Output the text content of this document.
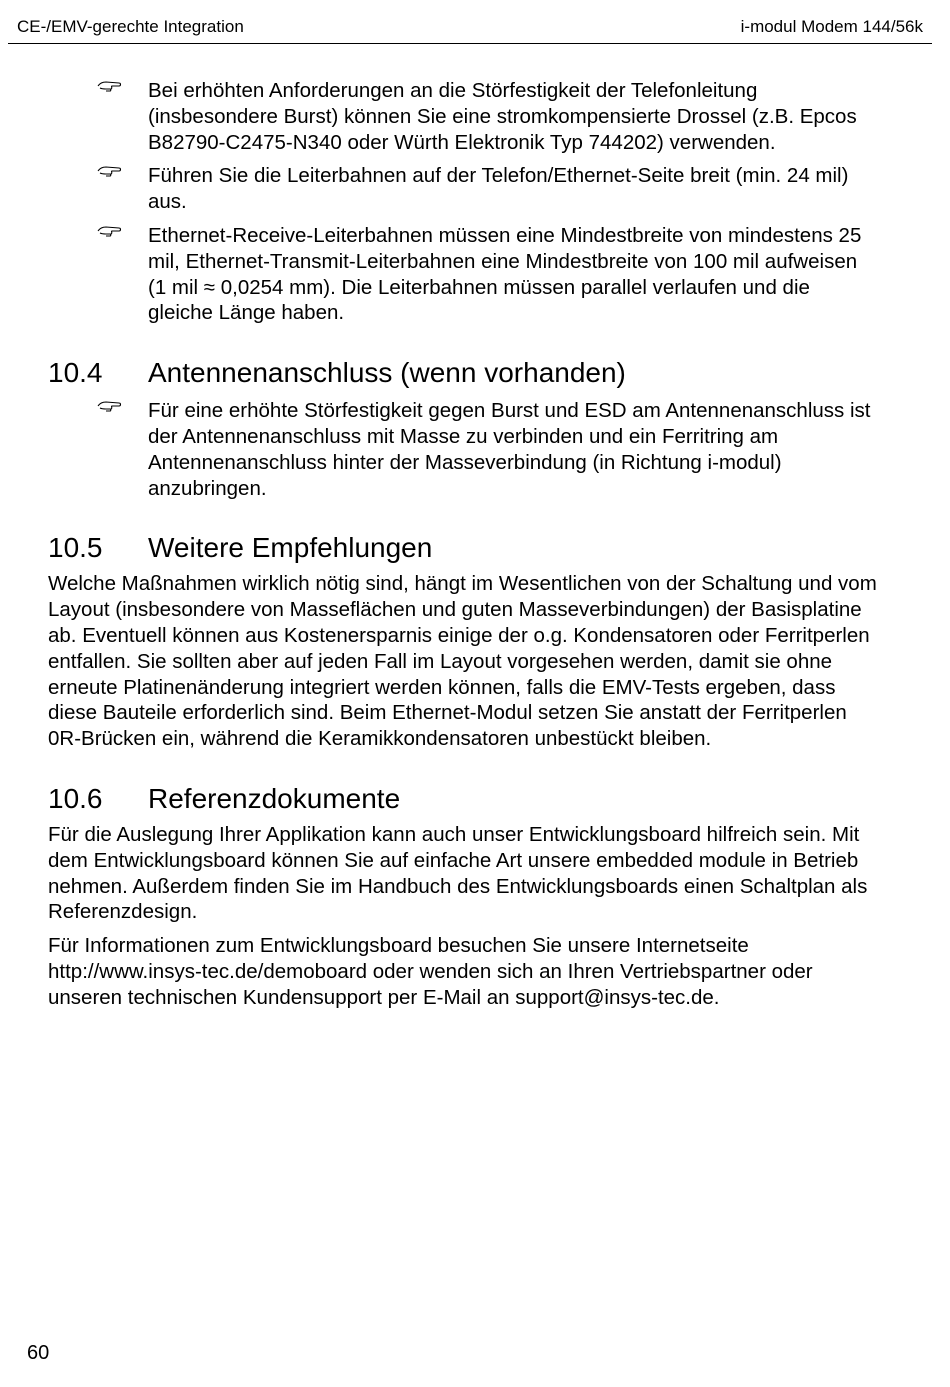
CE-/EMV-gerechte Integration	i-modul Modem 144/56k
Bei erhöhten Anforderungen an die Störfestigkeit der Telefonleitung (insbesondere Burst) können Sie eine stromkompensierte Drossel (z.B. Epcos B82790-C2475-N340 oder Würth Elektronik Typ 744202) verwenden.
Führen Sie die Leiterbahnen auf der Telefon/Ethernet-Seite breit (min. 24 mil) aus.
Ethernet-Receive-Leiterbahnen müssen eine Mindestbreite von mindestens 25 mil, Ethernet-Transmit-Leiterbahnen eine Mindestbreite von 100 mil aufweisen (1 mil ≈ 0,0254 mm). Die Leiterbahnen müssen parallel verlaufen und die gleiche Länge haben.
10.4	Antennenanschluss (wenn vorhanden)
Für eine erhöhte Störfestigkeit gegen Burst und ESD am Antennenanschluss ist der Antennenanschluss mit Masse zu verbinden und ein Ferritring am Antennenanschluss hinter der Masseverbindung (in Richtung i-modul) anzubringen.
10.5	Weitere Empfehlungen

Welche Maßnahmen wirklich nötig sind, hängt im Wesentlichen von der Schaltung und vom Layout (insbesondere von Masseflächen und guten Masseverbindungen) der Basisplatine ab. Eventuell können aus Kostenersparnis einige der o.g. Kondensatoren oder Ferritperlen entfallen. Sie sollten aber auf jeden Fall im Layout vorgesehen werden, damit sie ohne erneute Platinenänderung integriert werden können, falls die EMV-Tests ergeben, dass diese Bauteile erforderlich sind. Beim Ethernet-Modul setzen Sie anstatt der Ferritperlen 0R-Brücken ein, während die Keramikkondensatoren unbestückt bleiben.

10.6	Referenzdokumente

Für die Auslegung Ihrer Applikation kann auch unser Entwicklungsboard hilfreich sein. Mit dem Entwicklungsboard können Sie auf einfache Art unsere embedded module in Betrieb nehmen. Außerdem finden Sie im Handbuch des Entwicklungsboards einen Schaltplan als Referenzdesign.

Für Informationen zum Entwicklungsboard besuchen Sie unsere Internetseite http://www.insys-tec.de/demoboard oder wenden sich an Ihren Vertriebspartner oder unseren technischen Kundensupport per E-Mail an support@insys-tec.de.

60
